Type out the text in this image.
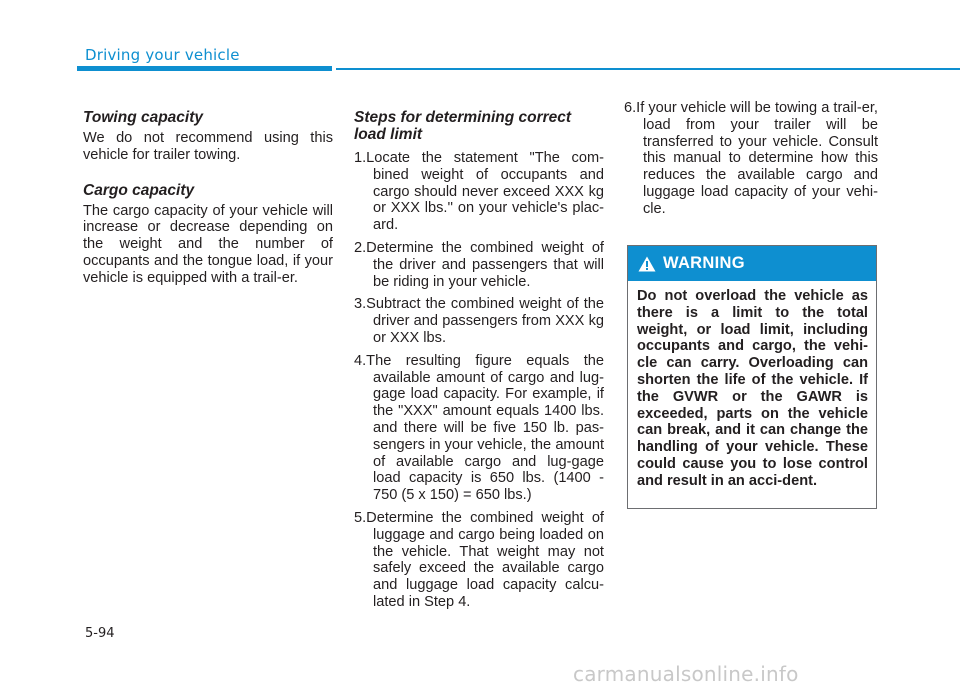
Driving your vehicle
Towing capacity

We do not recommend using this vehicle for trailer towing.

Cargo capacity

The cargo capacity of your vehicle will increase or decrease depending on the weight and the number of occupants and the tongue load, if your vehicle is equipped with a trail-er.

Steps for determining correct load limit
1.Locate the statement "The com-bined weight of occupants and cargo should never exceed XXX kg or XXX lbs.'' on your vehicle's plac-ard.
2.Determine the combined weight of the driver and passengers that will be riding in your vehicle.
3.Subtract the combined weight of the driver and passengers from XXX kg or XXX lbs.
4.The resulting figure equals the available amount of cargo and lug-gage load capacity. For example, if the "XXX" amount equals 1400 lbs. and there will be five 150 lb. pas-sengers in your vehicle, the amount of available cargo and lug-gage load capacity is 650 lbs. (1400 - 750 (5 x 150) = 650 lbs.)
5.Determine the combined weight of luggage and cargo being loaded on the vehicle. That weight may not safely exceed the available cargo and luggage load capacity calcu-lated in Step 4.
6.If your vehicle will be towing a trail-er, load from your trailer will be transferred to your vehicle. Consult this manual to determine how this reduces the available cargo and luggage load capacity of your vehi-cle.
WARNING

Do not overload the vehicle as there is a limit to the total weight, or load limit, including occupants and cargo, the vehi-cle can carry. Overloading can shorten the life of the vehicle. If the GVWR or the GAWR is exceeded, parts on the vehicle can break, and it can change the handling of your vehicle. These could cause you to lose control and result in an acci-dent.

5-94
carmanualsonline.info
